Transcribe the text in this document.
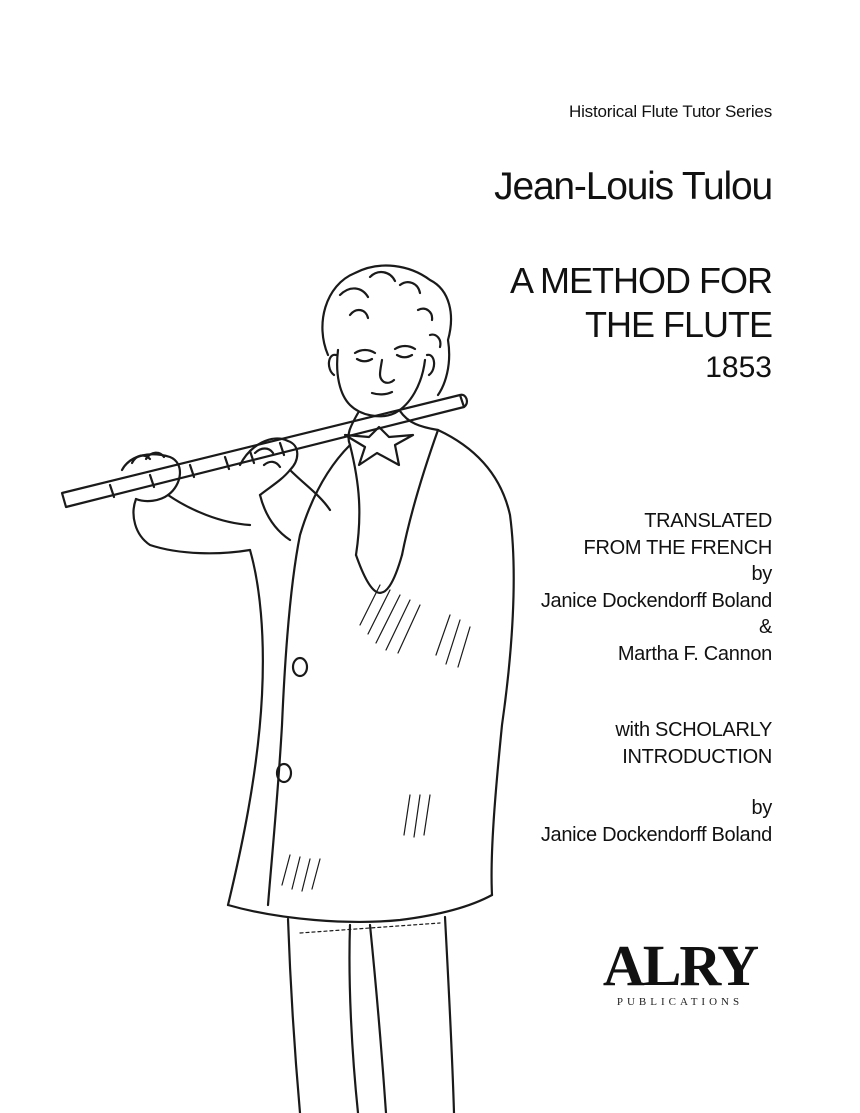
Historical Flute Tutor Series
Jean-Louis Tulou
A METHOD FOR
THE FLUTE
1853
TRANSLATED
FROM THE FRENCH
by
Janice Dockendorff Boland
&
Martha F. Cannon
with SCHOLARLY
INTRODUCTION
by
Janice Dockendorff Boland
ALRY
PUBLICATIONS
